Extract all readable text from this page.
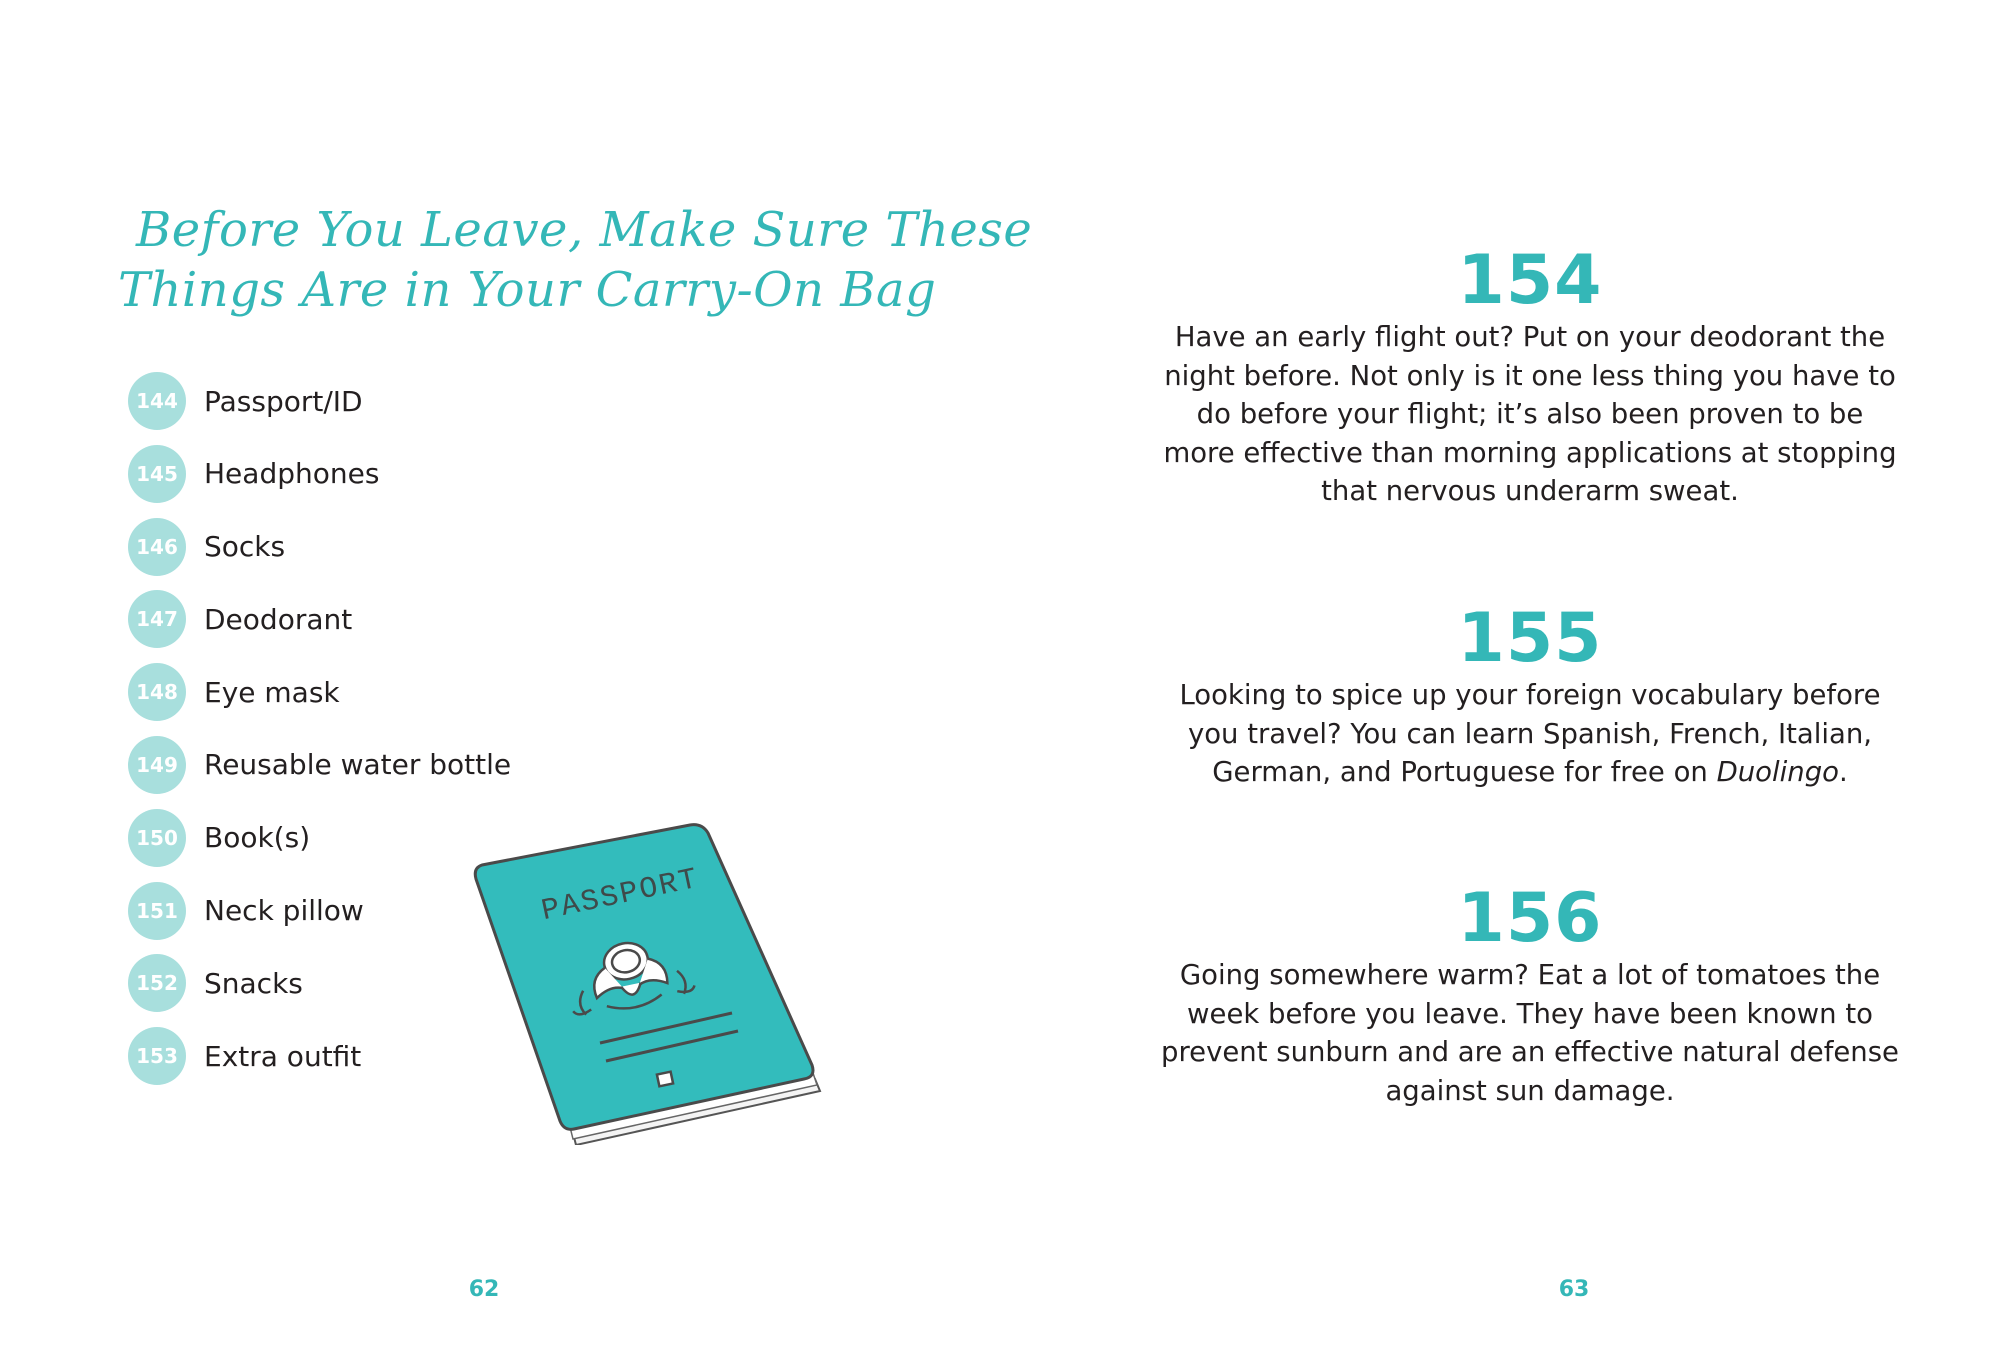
Before You Leave, Make Sure These
Things Are in Your Carry-On Bag
144 Passport/ID
145 Headphones
146 Socks
147 Deodorant
148 Eye mask
149 Reusable water bottle
150 Book(s)
151 Neck pillow
152 Snacks
153 Extra outfit
PASSPORT
62
154
Have an early flight out? Put on your deodorant the night before. Not only is it one less thing you have to do before your flight; it’s also been proven to be more effective than morning applications at stopping that nervous underarm sweat.
155
Looking to spice up your foreign vocabulary before you travel? You can learn Spanish, French, Italian, German, and Portuguese for free on Duolingo.
156
Going somewhere warm? Eat a lot of tomatoes the week before you leave. They have been known to prevent sunburn and are an effective natural defense against sun damage.
63
